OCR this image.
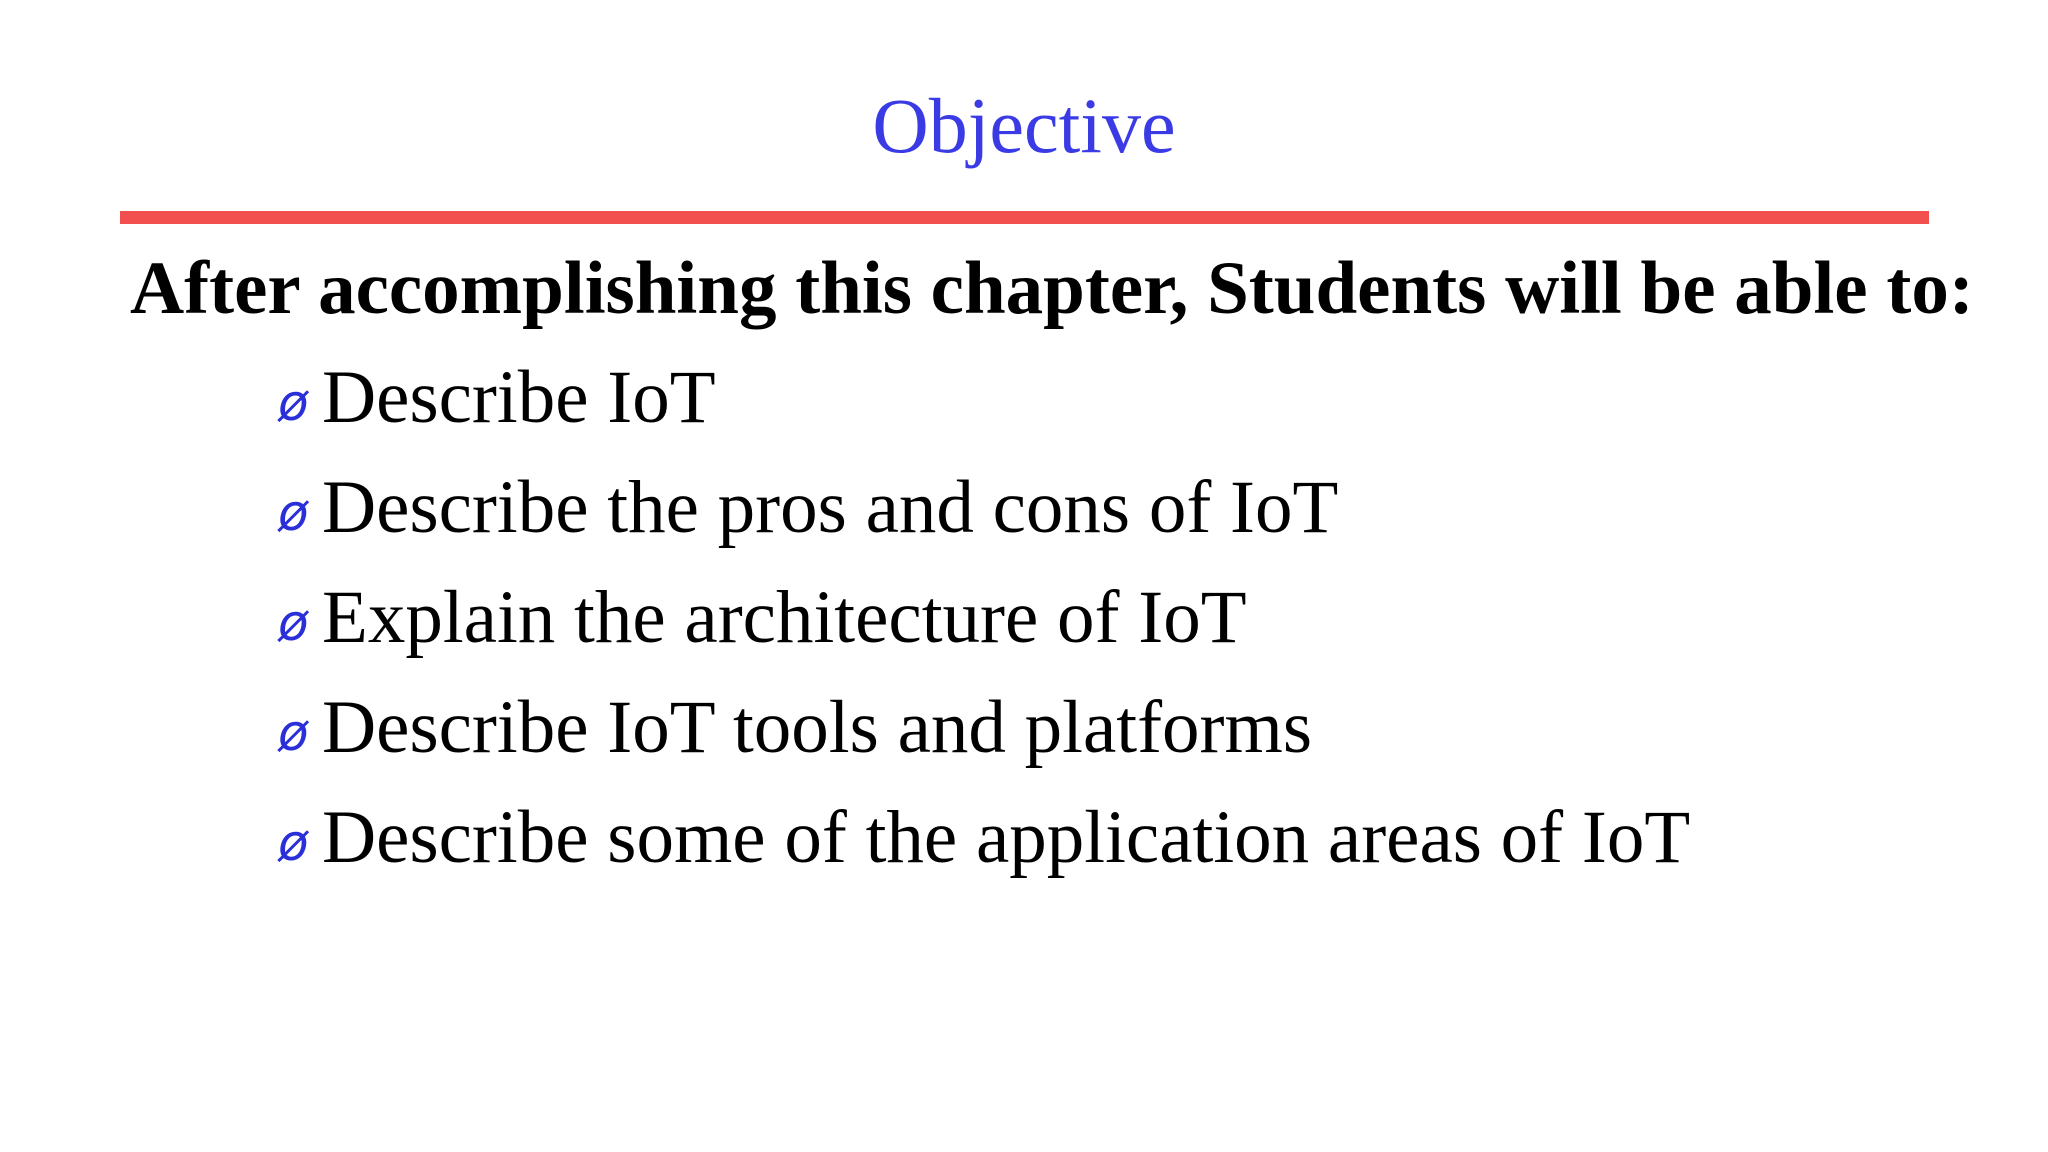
Objective

After accomplishing this chapter, Students will be able to:

ø Describe IoT
ø Describe the pros and cons of IoT
ø Explain the architecture of IoT
ø Describe IoT tools and platforms
ø Describe some of the application areas of IoT
